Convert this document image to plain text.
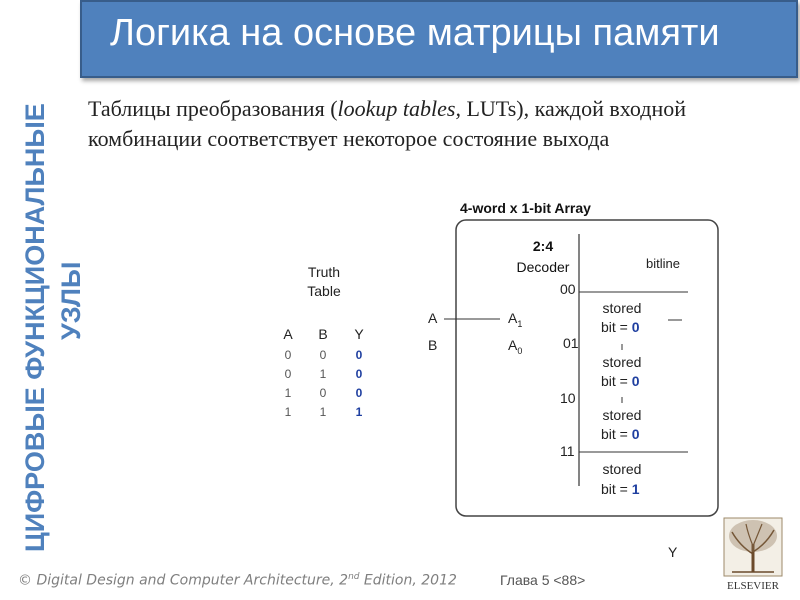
Логика на основе матрицы памяти
ЦИФРОВЫЕ ФУНКЦИОНАЛЬНЫЕ УЗЛЫ
Таблицы преобразования (lookup tables, LUTs), каждой входной комбинации соответствует некоторое состояние выхода
Truth
Table
A B Y
0 0 0
0 1 0
1 0 0
1 1 1
4-word x 1-bit Array
2:4
Decoder	bitline
A
B
$A_1$
$A_0$
00
01
10
11
stored
bit = 0
stored
bit = 0
stored
bit = 0
stored
bit = 1
Y
© Digital Design and Computer Architecture, 2nd Edition, 2012	Глава 5 <88>	ELSEVIER
